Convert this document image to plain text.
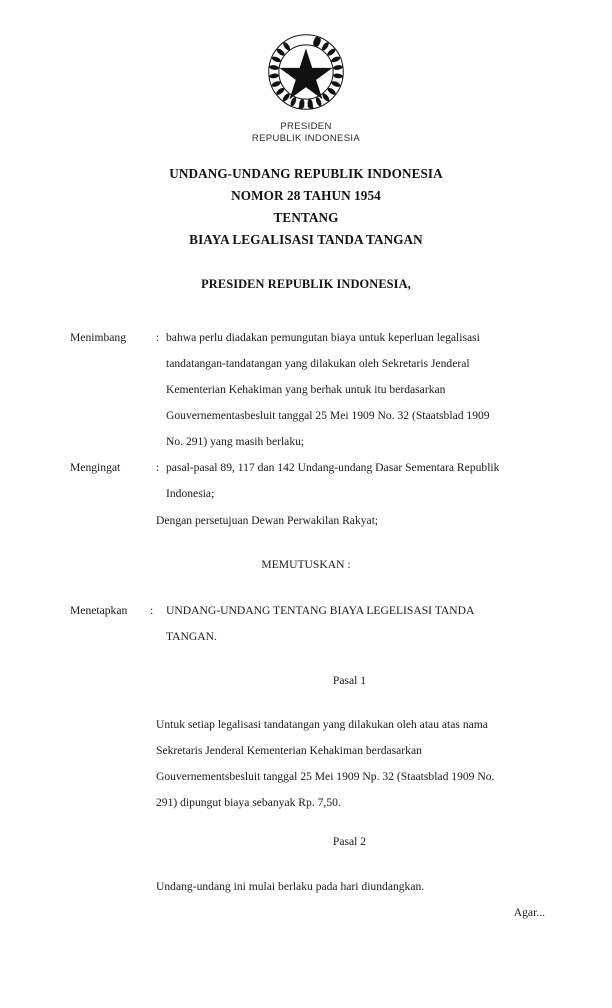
PRESIDEN
REPUBLIK INDONESIA
UNDANG-UNDANG REPUBLIK INDONESIA
NOMOR 28 TAHUN 1954
TENTANG
BIAYA LEGALISASI TANDA TANGAN
PRESIDEN REPUBLIK INDONESIA,
Menimbang	: bahwa perlu diadakan pemungutan biaya untuk keperluan legalisasi
tandatangan-tandatangan yang dilakukan oleh Sekretaris Jenderal
Kementerian Kehakiman yang berhak untuk itu berdasarkan
Gouvernementasbesluit tanggal 25 Mei 1909 No. 32 (Staatsblad 1909
No. 291) yang masih berlaku;
Mengingat	: pasal-pasal 89, 117 dan 142 Undang-undang Dasar Sementara Republik
Indonesia;
Dengan persetujuan Dewan Perwakilan Rakyat;
MEMUTUSKAN :
Menetapkan	: UNDANG-UNDANG TENTANG BIAYA LEGELISASI TANDA
TANGAN.
Pasal 1
Untuk setiap legalisasi tandatangan yang dilakukan oleh atau atas nama
Sekretaris Jenderal Kementerian Kehakiman berdasarkan
Gouvernementsbesluit tanggal 25 Mei 1909 Np. 32 (Staatsblad 1909 No.
291) dipungut biaya sebanyak Rp. 7,50.
Pasal 2
Undang-undang ini mulai berlaku pada hari diundangkan.
Agar...
